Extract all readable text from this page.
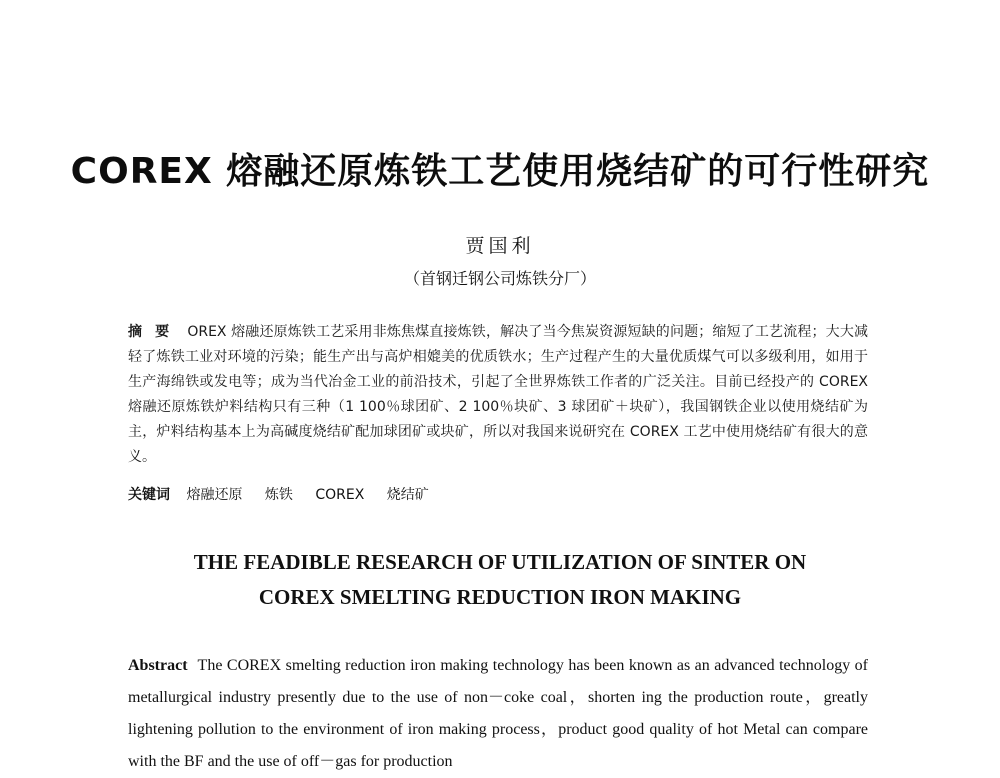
COREX 熔融还原炼铁工艺使用烧结矿的可行性研究
贾国利
（首钢迁钢公司炼铁分厂）
摘 要 OREX 熔融还原炼铁工艺采用非炼焦煤直接炼铁，解决了当今焦炭资源短缺的问题；缩短了工艺流程；大大减轻了炼铁工业对环境的污染；能生产出与高炉相媲美的优质铁水；生产过程产生的大量优质煤气可以多级利用，如用于生产海绵铁或发电等；成为当代冶金工业的前沿技术，引起了全世界炼铁工作者的广泛关注。目前已经投产的 COREX 熔融还原炼铁炉料结构只有三种（1 100％球团矿、2 100％块矿、3 球团矿＋块矿），我国钢铁企业以使用烧结矿为主，炉料结构基本上为高碱度烧结矿配加球团矿或块矿，所以对我国来说研究在 COREX 工艺中使用烧结矿有很大的意义。
关键词 熔融还原 炼铁 COREX 烧结矿
THE FEADIBLE RESEARCH OF UTILIZATION OF SINTER ON
COREX SMELTING REDUCTION IRON MAKING
Abstract The COREX smelting reduction iron making technology has been known as an advanced technology of metallurgical industry presently due to the use of non－coke coal，shorten ing the production route，greatly lightening pollution to the environment of iron making process，product good quality of hot Metal can compare with the BF and the use of off－gas for production
